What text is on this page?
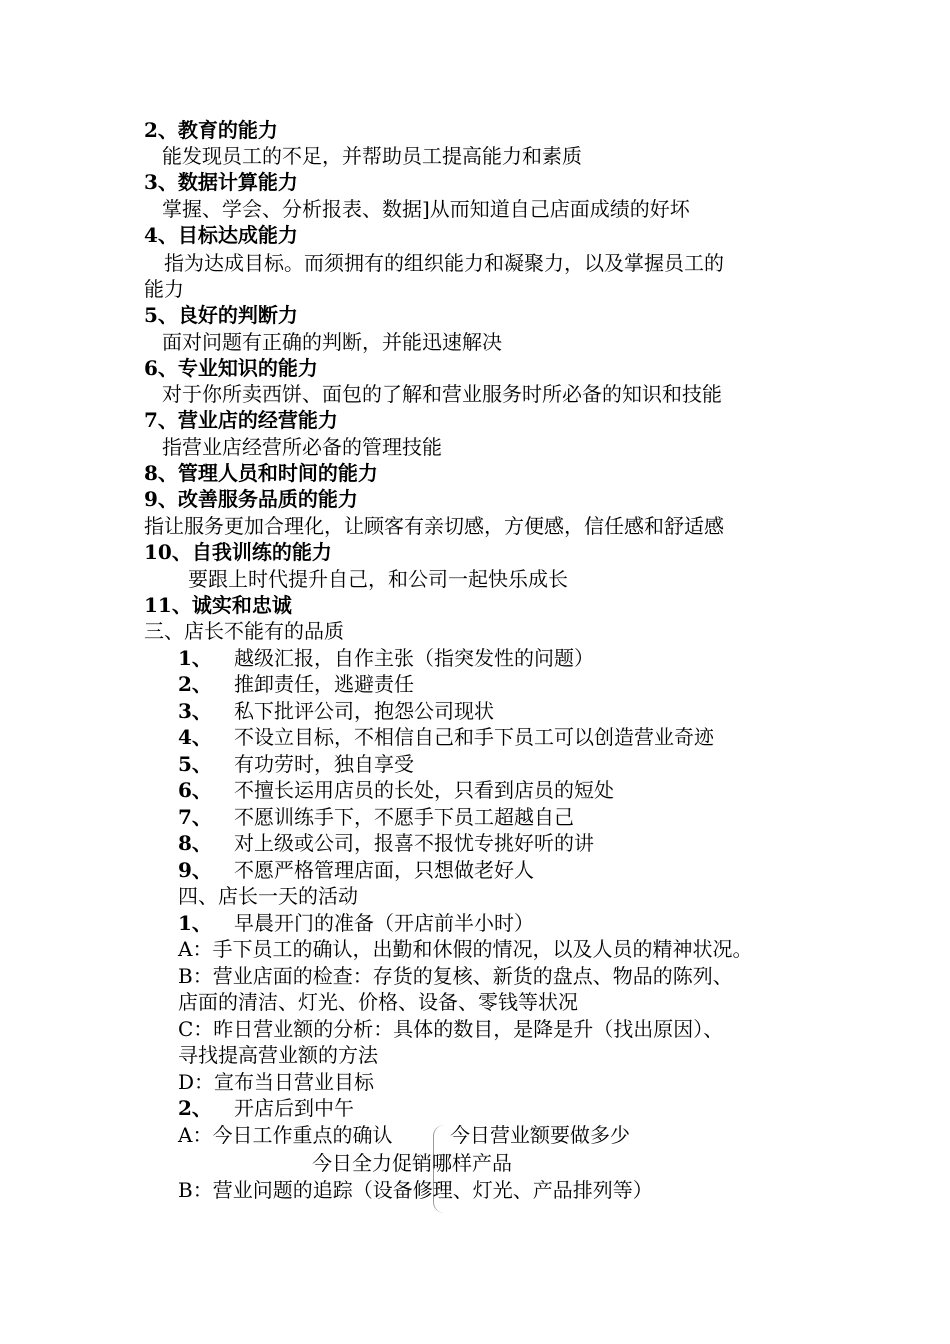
2、教育的能力
能发现员工的不足，并帮助员工提高能力和素质
3、数据计算能力
掌握、学会、分析报表、数据]从而知道自己店面成绩的好坏
4、目标达成能力
指为达成目标。而须拥有的组织能力和凝聚力，以及掌握员工的
能力
5、良好的判断力
面对问题有正确的判断，并能迅速解决
6、专业知识的能力
对于你所卖西饼、面包的了解和营业服务时所必备的知识和技能
7、营业店的经营能力
指营业店经营所必备的管理技能
8、管理人员和时间的能力
9、改善服务品质的能力
指让服务更加合理化，让顾客有亲切感，方便感，信任感和舒适感
10、自我训练的能力
要跟上时代提升自己，和公司一起快乐成长
11、诚实和忠诚
三、店长不能有的品质
1、 越级汇报，自作主张（指突发性的问题）
2、 推卸责任，逃避责任
3、 私下批评公司，抱怨公司现状
4、 不设立目标，不相信自己和手下员工可以创造营业奇迹
5、 有功劳时，独自享受
6、 不擅长运用店员的长处，只看到店员的短处
7、 不愿训练手下，不愿手下员工超越自己
8、 对上级或公司，报喜不报忧专挑好听的讲
9、 不愿严格管理店面，只想做老好人
四、店长一天的活动
1、 早晨开门的准备（开店前半小时）
A：手下员工的确认，出勤和休假的情况，以及人员的精神状况。
B：营业店面的检查：存货的复核、新货的盘点、物品的陈列、
店面的清洁、灯光、价格、设备、零钱等状况
C：昨日营业额的分析：具体的数目，是降是升（找出原因）、
寻找提高营业额的方法
D：宣布当日营业目标
2、 开店后到中午
A：今日工作重点的确认	今日营业额要做多少
今日全力促销哪样产品
B：营业问题的追踪（设备修理、灯光、产品排列等）
